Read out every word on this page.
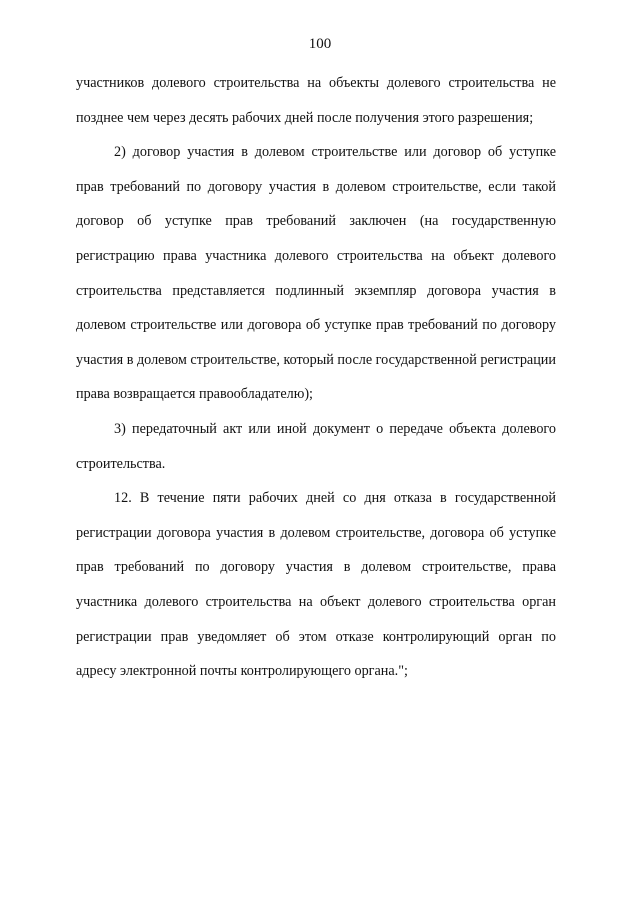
100

участников долевого строительства на объекты долевого строительства не позднее чем через десять рабочих дней после получения этого разрешения;

2) договор участия в долевом строительстве или договор об уступке прав требований по договору участия в долевом строительстве, если такой договор об уступке прав требований заключен (на государственную регистрацию права участника долевого строительства на объект долевого строительства представляется подлинный экземпляр договора участия в долевом строительстве или договора об уступке прав требований по договору участия в долевом строительстве, который после государственной регистрации права возвращается правообладателю);

3) передаточный акт или иной документ о передаче объекта долевого строительства.

12. В течение пяти рабочих дней со дня отказа в государственной регистрации договора участия в долевом строительстве, договора об уступке прав требований по договору участия в долевом строительстве, права участника долевого строительства на объект долевого строительства орган регистрации прав уведомляет об этом отказе контролирующий орган по адресу электронной почты контролирующего органа.";
